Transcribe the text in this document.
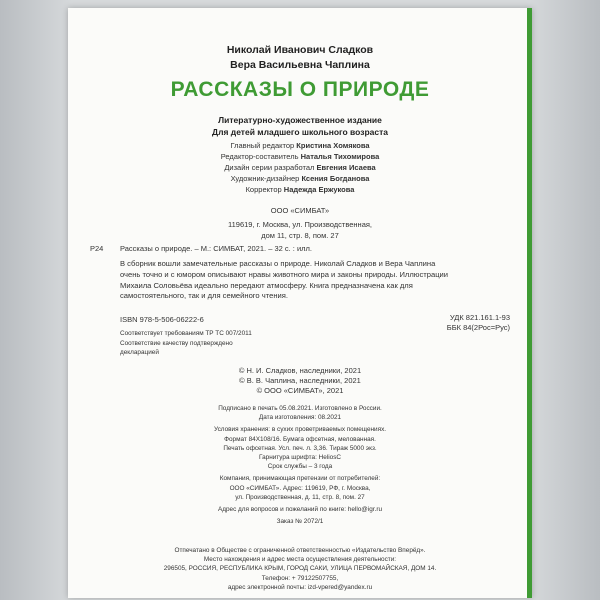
Николай Иванович Сладков
Вера Васильевна Чаплина
РАССКАЗЫ О ПРИРОДЕ
Литературно-художественное издание
Для детей младшего школьного возраста
Главный редактор Кристина Хомякова
Редактор-составитель Наталья Тихомирова
Дизайн серии разработал Евгения Исаева
Художник-дизайнер Ксения Богданова
Корректор Надежда Ержукова
ООО «СИМБАТ»
119619, г. Москва, ул. Производственная,
дом 11, стр. 8, пом. 27
Р24 Рассказы о природе. – М.: СИМБАТ, 2021. – 32 с. : илл.
В сборник вошли замечательные рассказы о природе. Николай Сладков и Вера Чаплина
очень точно и с юмором описывают нравы животного мира и законы природы. Иллюстрации
Михаила Соловьёва идеально передают атмосферу. Книга предназначена как для
самостоятельного, так и для семейного чтения.
ISBN 978-5-506-06222-6	УДК 821.161.1-93
ББК 84(2Рос=Рус)
Соответствует требованиям ТР ТС 007/2011
Соответствие качеству подтверждено
декларацией
© Н. И. Сладков, наследники, 2021
© В. В. Чаплина, наследники, 2021
© ООО «СИМБАТ», 2021
Подписано в печать 05.08.2021. Изготовлено в России.
Дата изготовления: 08.2021
Условия хранения: в сухих проветриваемых помещениях.
Формат 84Х108/16. Бумага офсетная, мелованная.
Печать офсетная. Усл. печ. л. 3,36. Тираж 5000 экз.
Гарнитура шрифта: HeliosC
Срок службы – 3 года
Компания, принимающая претензии от потребителей:
ООО «СИМБАТ». Адрес: 119619, РФ, г. Москва,
ул. Производственная, д. 11, стр. 8, пом. 27
Адрес для вопросов и пожеланий по книге: hello@igr.ru
Заказ № 2072/1
Отпечатано в Обществе с ограниченной ответственностью «Издательство Вперёд».
Место нахождения и адрес места осуществления деятельности:
296505, РОССИЯ, РЕСПУБЛИКА КРЫМ, ГОРОД САКИ, УЛИЦА ПЕРВОМАЙСКАЯ, ДОМ 14.
Телефон: + 79122507755,
адрес электронной почты: izd-vpered@yandex.ru
